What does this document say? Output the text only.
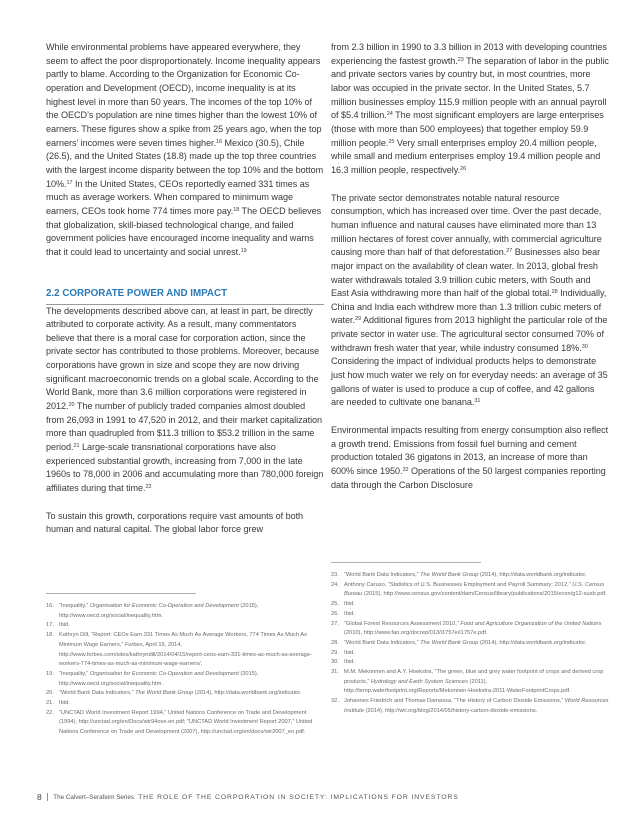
While environmental problems have appeared everywhere, they seem to affect the poor disproportionately. Income inequality appears partly to blame. According to the Organization for Economic Co-operation and Development (OECD), income inequality is at its highest level in more than 50 years. The incomes of the top 10% of the OECD’s population are nine times higher than the lowest 10% of earners. These figures show a spike from 25 years ago, when the top earners’ incomes were seven times higher.$^{16}$ Mexico (30.5), Chile (26.5), and the United States (18.8) made up the top three countries with the largest income disparity between the top 10% and the bottom 10%.$^{17}$ In the United States, CEOs reportedly earned 331 times as much as average workers. When compared to minimum wage earners, CEOs took home 774 times more pay.$^{18}$ The OECD believes that globalization, skill-biased technological change, and failed government policies have encouraged income inequality and warns that it could lead to uncertainty and social unrest.$^{19}$

2.2 CORPORATE POWER AND IMPACT

The developments described above can, at least in part, be directly attributed to corporate activity. As a result, many commentators believe that there is a moral case for corporation action, since the private sector has contributed to those problems. Moreover, because corporations have grown in size and scope they are now driving significant macroeconomic trends on a global scale. According to the World Bank, more than 3.6 million corporations were registered in 2012.20 The number of publicly traded companies almost doubled from 26,093 in 1991 to 47,520 in 2012, and their market capitalization more than quadrupled from $11.3 trillion to $53.2 trillion in the same period.$^{21}$ Large-scale transnational corporations have also experienced substantial growth, increasing from 7,000 in the late 1960s to 78,000 in 2006 and accumulating more than 780,000 foreign affiliates during that time.$^{22}$

To sustain this growth, corporations require vast amounts of both human and natural capital. The global labor force grew

from 2.3 billion in 1990 to 3.3 billion in 2013 with developing countries experiencing the fastest growth.$^{23}$ The separation of labor in the public and private sectors varies by country but, in most countries, more labor was occupied in the private sector. In the United States, 5.7 million businesses employ 115.9 million people with an annual payroll of $5.4 trillion.$^{24}$ The most significant employers are large enterprises (those with more than 500 employees) that together employ 59.9 million people.$^{25}$ Very small enterprises employ 20.4 million people, while small and medium enterprises employ 19.4 million people and 16.3 million people, respectively.$^{26}$

The private sector demonstrates notable natural resource consumption, which has increased over time. Over the past decade, human influence and natural causes have eliminated more than 13 million hectares of forest cover annually, with commercial agriculture causing more than half of that deforestation.$^{27}$ Businesses also bear major impact on the availability of clean water. In 2013, global fresh water withdrawals totaled 3.9 trillion cubic meters, with South and East Asia withdrawing more than half of the global total.$^{28}$ Individually, China and India each withdrew more than 1.3 trillion cubic meters of water.$^{29}$ Additional figures from 2013 highlight the particular role of the private sector in water use. The agricultural sector consumed 70% of withdrawn fresh water that year, while industry consumed 18%.$^{30}$ Considering the impact of individual products helps to demonstrate just how much water we rely on for everyday needs: an average of 35 gallons of water is used to produce a cup of coffee, and 42 gallons are needed to cultivate one banana.$^{31}$

Environmental impacts resulting from energy consumption also reflect a growth trend. Emissions from fossil fuel burning and cement production totaled 36 gigatons in 2013, an increase of more than 600% since 1950.32 Operations of the 50 largest companies reporting data through the Carbon Disclosure

16. “Inequality,” Organisation for Economic Co-Operation and Development (2015), http://www.oecd.org/social/inequality.htm.
17. Ibid.
18. Kathryn Dill, “Report: CEOs Earn 331 Times As Much As Average Workers, 774 Times As Much As Minimum Wage Earners,” Forbes, April 15, 2014, http://www.forbes.com/sites/kathryndill/2014/04/15/report-ceos-earn-331-times-as-much-as-average-workers-774-times-as-much-as-minimum-wage-earners/.
19. “Inequality,” Organisation for Economic Co-Operation and Development (2015), http://www.oecd.org/social/inequality.htm.
20. “World Bank Data Indicators,” The World Bank Group (2014), http://data.worldbank.org/indicator.
21. Ibid.
22. “UNCTAD World Investment Report 1994,” United Nations Conference on Trade and Development (1994), http://unctad.org/en/Docs/wir94ove.en.pdf; “UNCTAD World Investment Report 2007,” United Nations Conference on Trade and Development (2007), http://unctad.org/en/docs/wir2007_en.pdf.
23. “World Bank Data Indicators,” The World Bank Group (2014), http://data.worldbank.org/indicator.
24. Anthony Caruso, “Statistics of U.S. Businesses Employment and Payroll Summary: 2012,” U.S. Census Bureau (2015), http://www.census.gov/content/dam/Census/library/publications/2015/econ/g12-susb.pdf.
25. Ibid.
26. Ibid.
27. “Global Forest Resources Assessment 2010,” Food and Agriculture Organization of the United Nations (2010), http://www.fao.org/docrep/013/i1757e/i1757e.pdf.
28. “World Bank Data Indicators,” The World Bank Group (2014), http://data.worldbank.org/indicator.
29. Ibid.
30. Ibid.
31. M.M. Mekonnen and A.Y. Hoekstra, “The green, blue and grey water footprint of crops and derived crop products,” Hydrology and Earth System Sciences (2011), http://temp.waterfootprint.org/Reports/Mekonnen-Hoekstra-2011-WaterFootprintCrops.pdf.
32. Johannes Friedrich and Thomas Damassa, “The History of Carbon Dioxide Emissions,” World Resources Institute (2014), http://wri.org/blog/2014/05/history-carbon-dioxide-emissions.
8 The Calvert–Serafeim Series THE ROLE OF THE CORPORATION IN SOCIETY: IMPLICATIONS FOR INVESTORS
